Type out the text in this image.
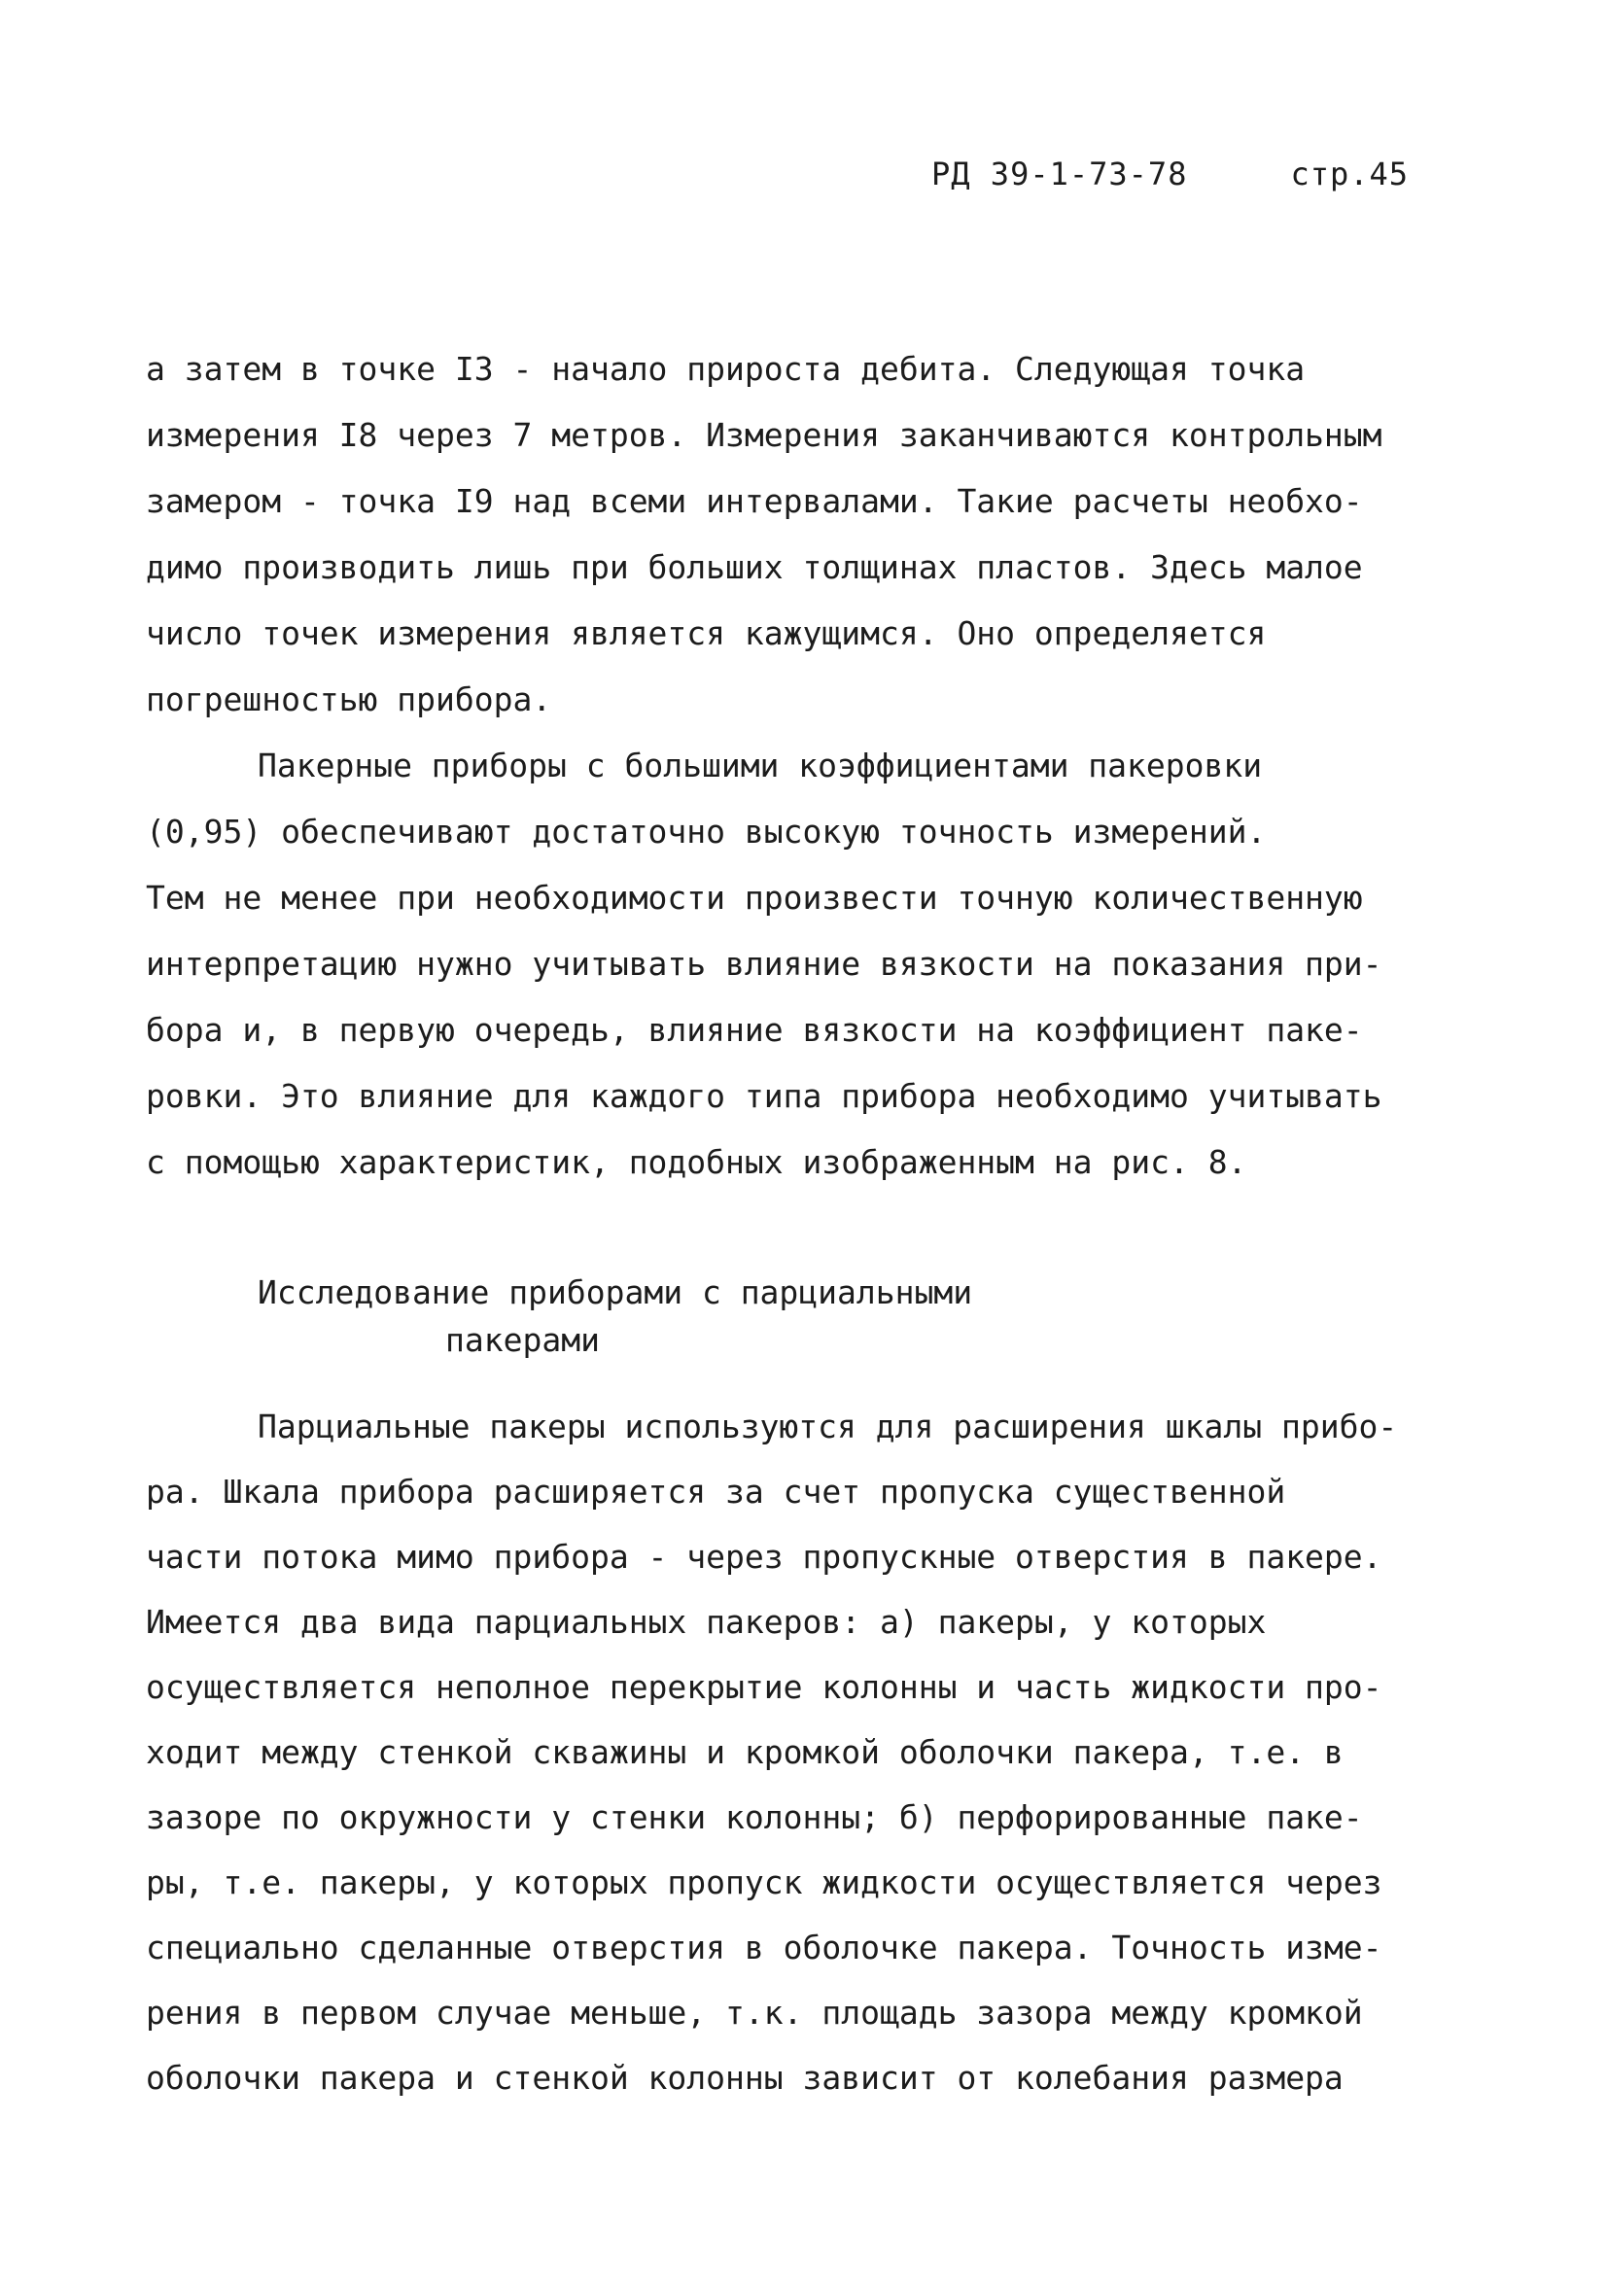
РД 39-1-73-78	стр.45
а затем в точке I3 - начало прироста дебита. Следующая точка
измерения I8 через 7 метров. Измерения заканчиваются контрольным
замером - точка I9 над всеми интервалами. Такие расчеты необхо-
димо производить лишь при больших толщинах пластов. Здесь малое
число точек измерения является кажущимся. Оно определяется
погрешностью прибора.
Пакерные приборы с большими коэффициентами пакеровки
(0,95) обеспечивают достаточно высокую точность измерений.
Тем не менее при необходимости произвести точную количественную
интерпретацию нужно учитывать влияние вязкости на показания при-
бора и, в первую очередь, влияние вязкости на коэффициент паке-
ровки. Это влияние для каждого типа прибора необходимо учитывать
с помощью характеристик, подобных изображенным на рис. 8.
Исследование приборами с парциальными
пакерами
Парциальные пакеры используются для расширения шкалы прибо-
ра. Шкала прибора расширяется за счет пропуска существенной
части потока мимо прибора - через пропускные отверстия в пакере.
Имеется два вида парциальных пакеров: а) пакеры, у которых
осуществляется неполное перекрытие колонны и часть жидкости про-
ходит между стенкой скважины и кромкой оболочки пакера, т.е. в
зазоре по окружности у стенки колонны; б) перфорированные паке-
ры, т.е. пакеры, у которых пропуск жидкости осуществляется через
специально сделанные отверстия в оболочке пакера. Точность изме-
рения в первом случае меньше, т.к. площадь зазора между кромкой
оболочки пакера и стенкой колонны зависит от колебания размера
